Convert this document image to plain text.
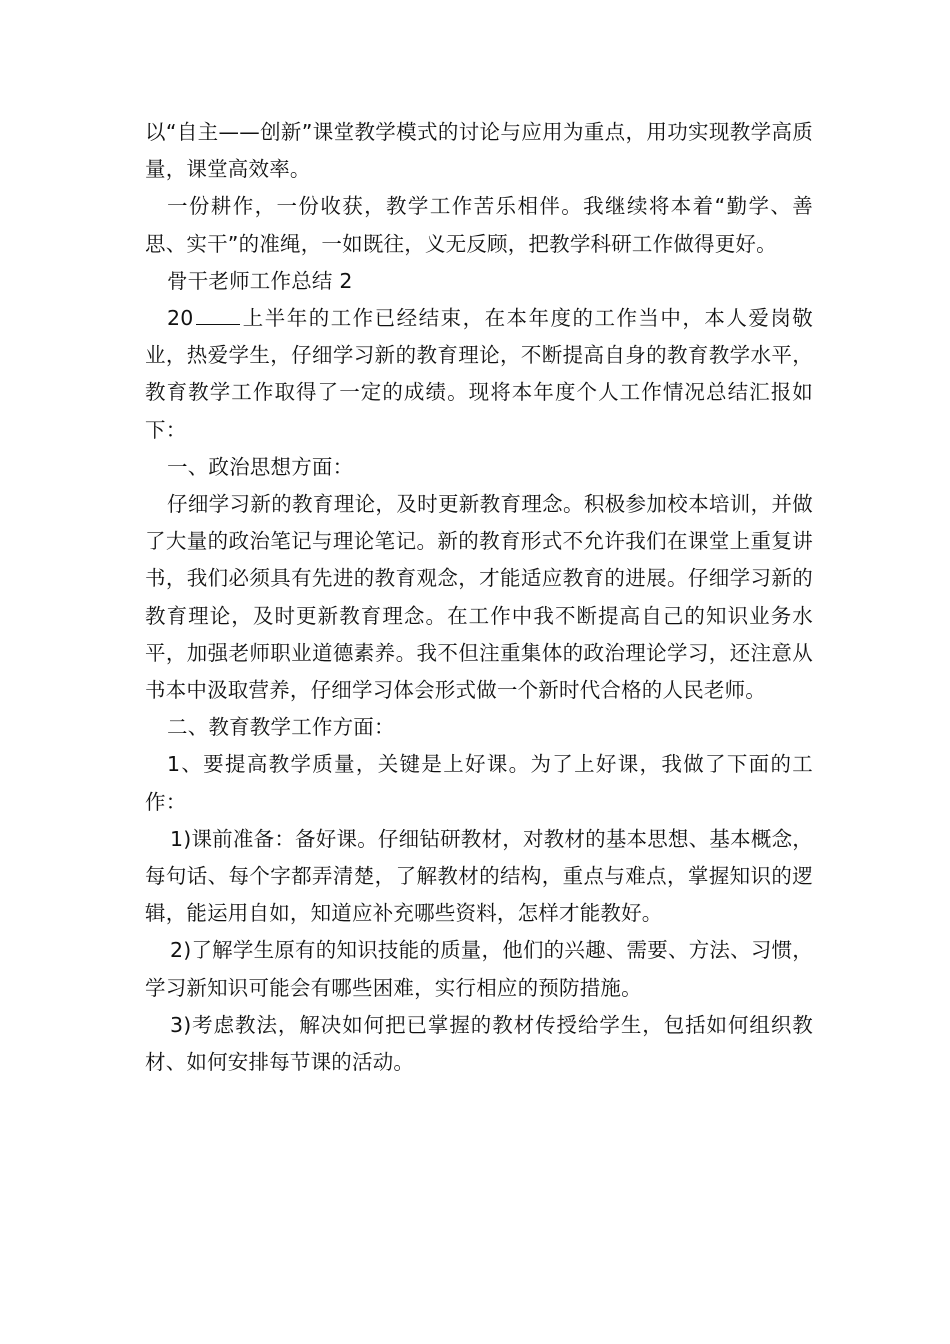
以“自主——创新”课堂教学模式的讨论与应用为重点，用功实现教学高质量，课堂高效率。

一份耕作，一份收获，教学工作苦乐相伴。我继续将本着“勤学、善思、实干”的准绳，一如既往，义无反顾，把教学科研工作做得更好。

骨干老师工作总结 2

20 上半年的工作已经结束，在本年度的工作当中，本人爱岗敬业，热爱学生，仔细学习新的教育理论，不断提高自身的教育教学水平，教育教学工作取得了一定的成绩。现将本年度个人工作情况总结汇报如下：

一、政治思想方面：

仔细学习新的教育理论，及时更新教育理念。积极参加校本培训，并做了大量的政治笔记与理论笔记。新的教育形式不允许我们在课堂上重复讲书，我们必须具有先进的教育观念，才能适应教育的进展。仔细学习新的教育理论，及时更新教育理念。在工作中我不断提高自己的知识业务水平，加强老师职业道德素养。我不但注重集体的政治理论学习，还注意从书本中汲取营养，仔细学习体会形式做一个新时代合格的人民老师。

二、教育教学工作方面：

1、要提高教学质量，关键是上好课。为了上好课，我做了下面的工作：

1)课前准备：备好课。仔细钻研教材，对教材的基本思想、基本概念，每句话、每个字都弄清楚，了解教材的结构，重点与难点，掌握知识的逻辑，能运用自如，知道应补充哪些资料，怎样才能教好。

2)了解学生原有的知识技能的质量，他们的兴趣、需要、方法、习惯，学习新知识可能会有哪些困难，实行相应的预防措施。

3)考虑教法，解决如何把已掌握的教材传授给学生，包括如何组织教材、如何安排每节课的活动。
